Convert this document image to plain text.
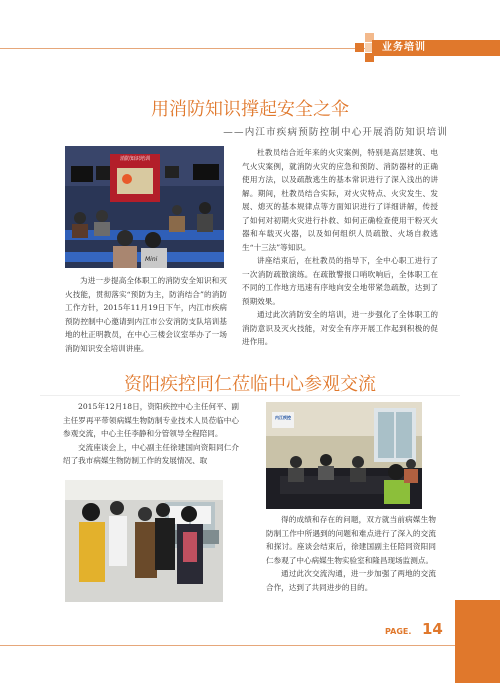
业务培训
用消防知识撑起安全之伞
——内江市疾病预防控制中心开展消防知识培训
消防知识培训
Mini

为进一步提高全体职工的消防安全知识和灭火技能，贯彻落实“预防为主，防消结合”的消防工作方针，2015年11月19日下午，内江市疾病预防控制中心邀请到内江市公安消防支队培训基地的杜正明教员，在中心三楼会议室举办了一场消防知识安全培训讲座。

杜教员结合近年来的火灾案例，特别是高层建筑、电气火灾案例，就消防火灾的应急和预防、消防器材的正确使用方法，以及疏散逃生的基本常识进行了深入浅出的讲解。期间，杜教员结合实际，对火灾特点、火灾发生、发展、熄灭的基本规律点等方面知识进行了详细讲解，传授了如何对初期火灾进行扑救、如何正确检查使用干粉灭火器和车载灭火器，以及如何组织人员疏散、火场自救逃生“十三法”等知识。

讲座结束后，在杜教员的指导下，全中心职工进行了一次消防疏散演练。在疏散警报口哨吹响后，全体职工在不同的工作地方迅速有序地向安全地带紧急疏散，达到了预期效果。

通过此次消防安全的培训，进一步强化了全体职工的消防意识及灭火技能，对安全有序开展工作起到积极的促进作用。

资阳疾控同仁莅临中心参观交流

2015年12月18日，资阳疾控中心主任何平、副主任罗再平带领病媒生物防制专业技术人员莅临中心参观交流，中心主任李静和分管领导全程陪同。

交流座谈会上，中心副主任徐建国向资阳同仁介绍了我市病媒生物防制工作的发展情况、取

内江疾控

得的成绩和存在的问题，双方就当前病媒生物防制工作中所遇到的问题和难点进行了深入的交流和探讨。座谈会结束后，徐建国副主任陪同资阳同仁参观了中心病媒生物实验室和隆昌现场监测点。

通过此次交流沟通，进一步加强了两地的交流合作，达到了共同进步的目的。

PAGE. 14
